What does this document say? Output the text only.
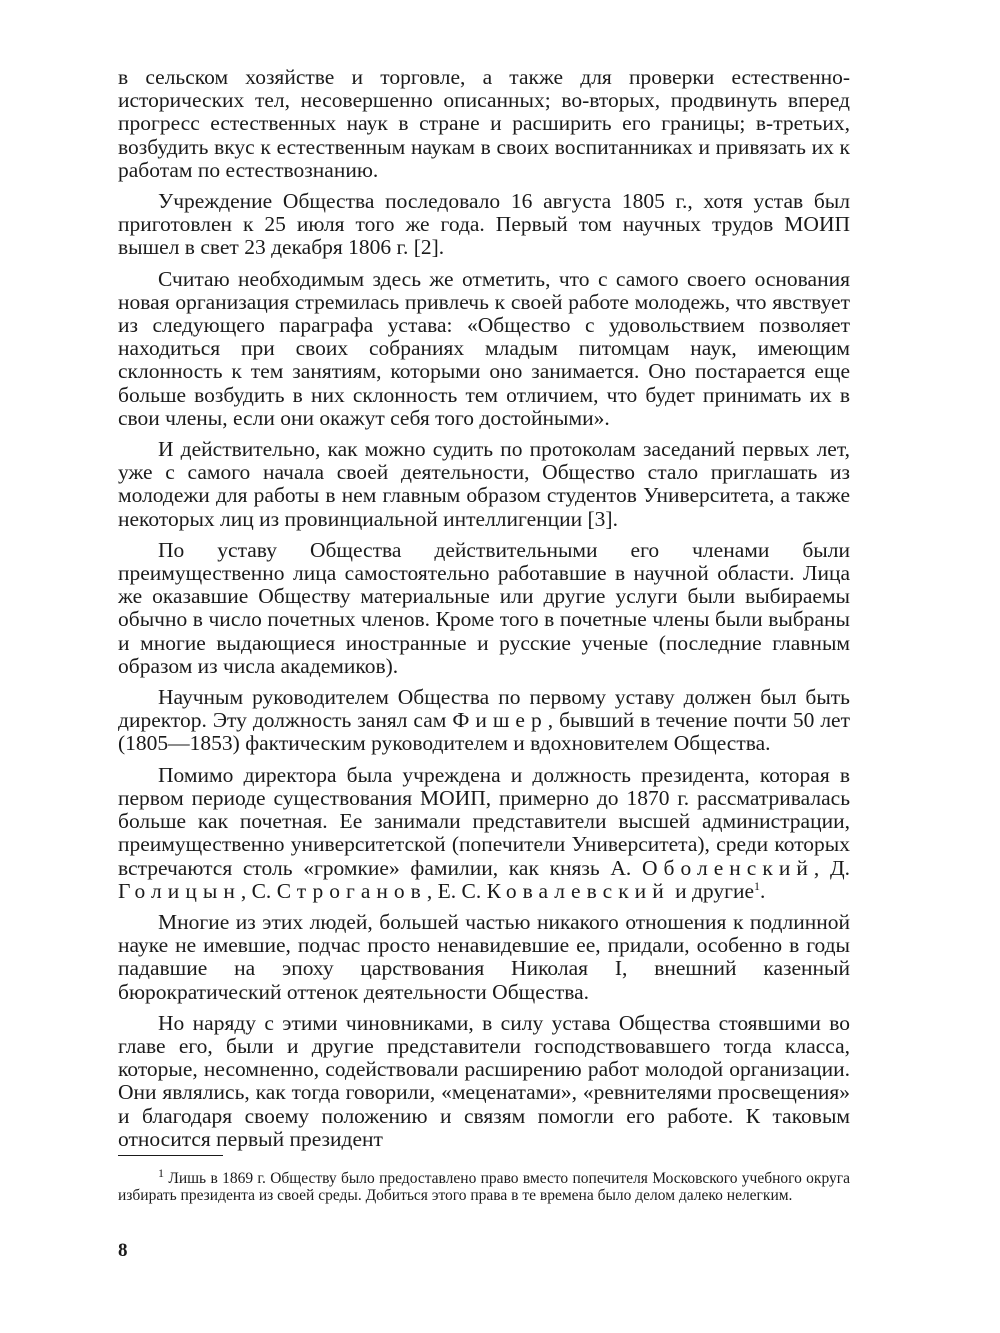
в сельском хозяйстве и торговле, а также для проверки естественно-исторических тел, несовершенно описанных; во-вторых, продвинуть вперед прогресс естественных наук в стране и расширить его границы; в-третьих, возбудить вкус к естественным наукам в своих воспитанниках и привязать их к работам по естествознанию.

Учреждение Общества последовало 16 августа 1805 г., хотя устав был приготовлен к 25 июля того же года. Первый том научных трудов МОИП вышел в свет 23 декабря 1806 г. [2].

Считаю необходимым здесь же отметить, что с самого своего основания новая организация стремилась привлечь к своей работе молодежь, что явствует из следующего параграфа устава: «Общество с удовольствием позволяет находиться при своих собраниях младым питомцам наук, имеющим склонность к тем занятиям, которыми оно занимается. Оно постарается еще больше возбудить в них склонность тем отличием, что будет принимать их в свои члены, если они окажут себя того достойными».

И действительно, как можно судить по протоколам заседаний первых лет, уже с самого начала своей деятельности, Общество стало приглашать из молодежи для работы в нем главным образом студентов Университета, а также некоторых лиц из провинциальной интеллигенции [3].

По уставу Общества действительными его членами были преимущественно лица самостоятельно работавшие в научной области. Лица же оказавшие Обществу материальные или другие услуги были выбираемы обычно в число почетных членов. Кроме того в почетные члены были выбраны и многие выдающиеся иностранные и русские ученые (последние главным образом из числа академиков).

Научным руководителем Общества по первому уставу должен был быть директор. Эту должность занял сам Фишер, бывший в течение почти 50 лет (1805—1853) фактическим руководителем и вдохновителем Общества.

Помимо директора была учреждена и должность президента, которая в первом периоде существования МОИП, примерно до 1870 г. рассматривалась больше как почетная. Ее занимали представители высшей администрации, преимущественно университетской (попечители Университета), среди которых встречаются столь «громкие» фамилии, как князь А. Оболенский, Д. Голицын, С. Строганов, Е. С. Ковалевский и другие$^1$.

Многие из этих людей, большей частью никакого отношения к подлинной науке не имевшие, подчас просто ненавидевшие ее, придали, особенно в годы падавшие на эпоху царствования Николая I, внешний казенный бюрократический оттенок деятельности Общества.

Но наряду с этими чиновниками, в силу устава Общества стоявшими во главе его, были и другие представители господствовавшего тогда класса, которые, несомненно, содействовали расширению работ молодой организации. Они являлись, как тогда говорили, «меценатами», «ревнителями просвещения» и благодаря своему положению и связям помогли его работе. К таковым относится первый президент

$^1$ Лишь в 1869 г. Обществу было предоставлено право вместо попечителя Московского учебного округа избирать президента из своей среды. Добиться этого права в те времена было делом далеко нелегким.

8
